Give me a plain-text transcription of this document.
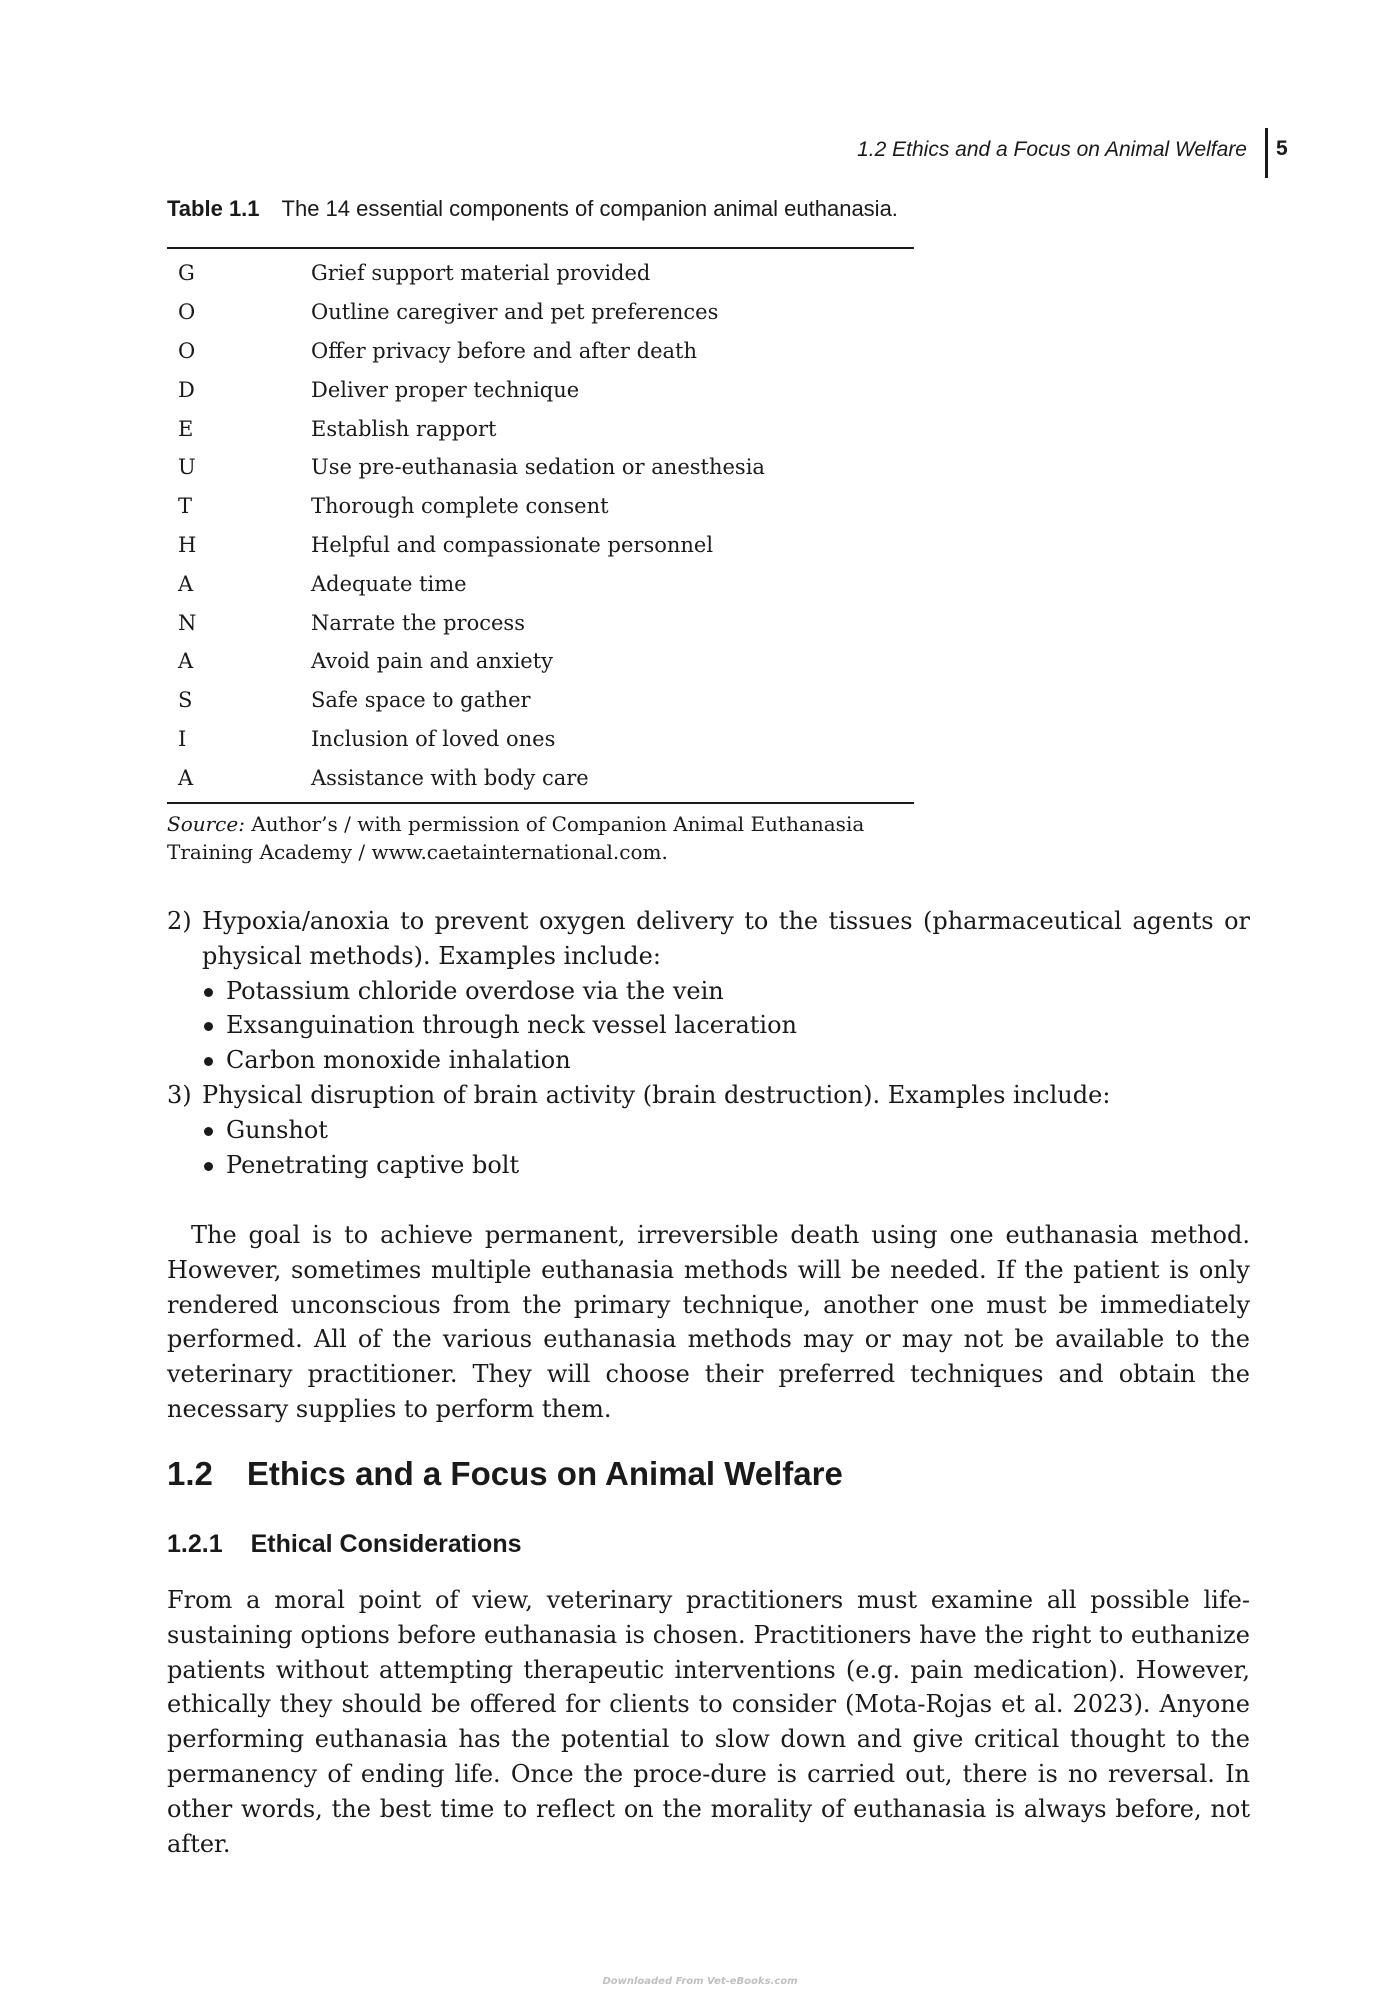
1.2 Ethics and a Focus on Animal Welfare 5
Table 1.1 The 14 essential components of companion animal euthanasia.
G	Grief support material provided
O	Outline caregiver and pet preferences
O	Offer privacy before and after death
D	Deliver proper technique
E	Establish rapport
U	Use pre-euthanasia sedation or anesthesia
T	Thorough complete consent
H	Helpful and compassionate personnel
A	Adequate time
N	Narrate the process
A	Avoid pain and anxiety
S	Safe space to gather
I	Inclusion of loved ones
A	Assistance with body care
Source: Author’s / with permission of Companion Animal Euthanasia Training Academy / www.caetainternational.com.
2) Hypoxia/anoxia to prevent oxygen delivery to the tissues (pharmaceutical agents or physical methods). Examples include:
Potassium chloride overdose via the vein
Exsanguination through neck vessel laceration
Carbon monoxide inhalation
3) Physical disruption of brain activity (brain destruction). Examples include:
Gunshot
Penetrating captive bolt

The goal is to achieve permanent, irreversible death using one euthanasia method. However, sometimes multiple euthanasia methods will be needed. If the patient is only rendered unconscious from the primary technique, another one must be immediately performed. All of the various euthanasia methods may or may not be available to the veterinary practitioner. They will choose their preferred techniques and obtain the necessary supplies to perform them.

1.2 Ethics and a Focus on Animal Welfare
1.2.1 Ethical Considerations

From a moral point of view, veterinary practitioners must examine all possible life-sustaining options before euthanasia is chosen. Practitioners have the right to euthanize patients without attempting therapeutic interventions (e.g. pain medication). However, ethically they should be offered for clients to consider (Mota-Rojas et al. 2023). Anyone performing euthanasia has the potential to slow down and give critical thought to the permanency of ending life. Once the proce-dure is carried out, there is no reversal. In other words, the best time to reflect on the morality of euthanasia is always before, not after.

Downloaded From Vet-eBooks.com
